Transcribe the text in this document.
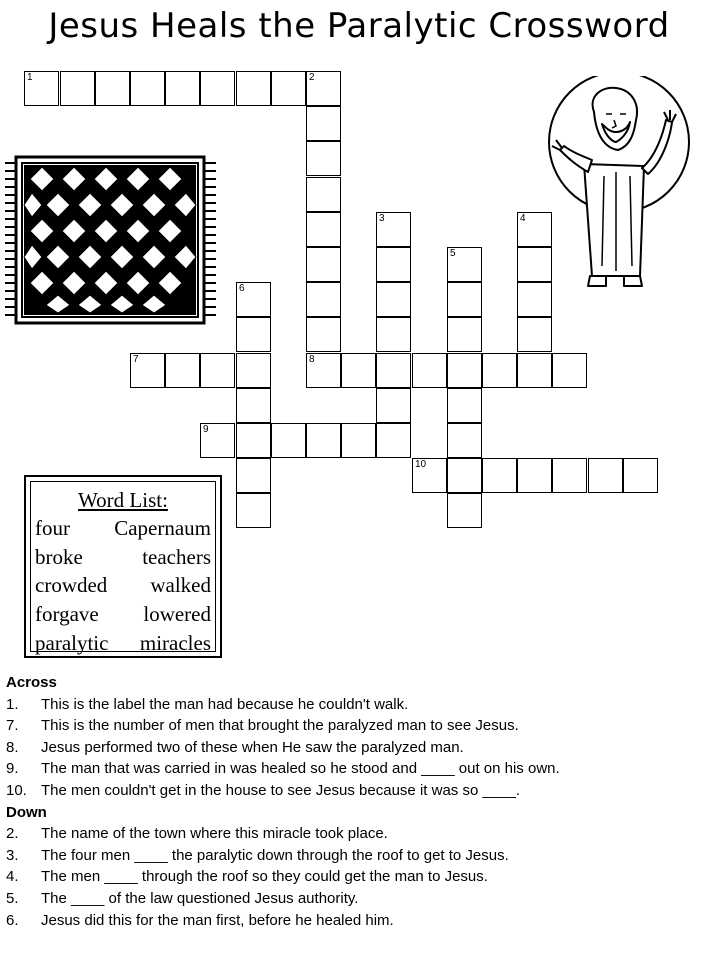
Jesus Heals the Paralytic Crossword
1	2
8
3	4
5
6
7
9
10
Word List:
four Capernaum
broke	teachers
crowded walked
forgave lowered
paralytic miracles
Across
1.	This is the label the man had because he couldn't walk.
7.	This is the number of men that brought the paralyzed man to see Jesus.
8.	Jesus performed two of these when He saw the paralyzed man.
9.	The man that was carried in was healed so he stood and ____ out on his own.
10. The men couldn't get in the house to see Jesus because it was so ____.
Down
2.	The name of the town where this miracle took place.
3.	The four men ____ the paralytic down through the roof to get to Jesus.
4.	The men ____ through the roof so they could get the man to Jesus.
5.	The ____ of the law questioned Jesus authority.
6.	Jesus did this for the man first, before he healed him.
